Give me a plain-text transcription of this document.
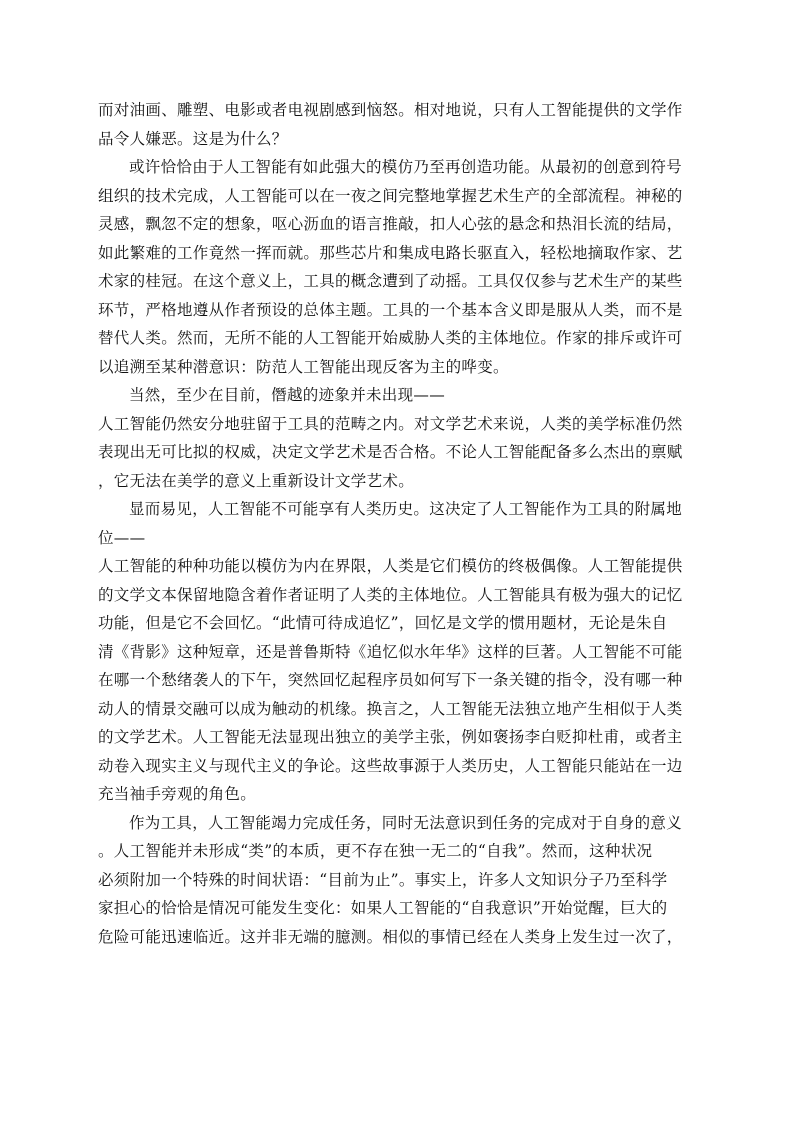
而对油画、雕塑、电影或者电视剧感到恼怒。相对地说，只有人工智能提供的文学作
品令人嫌恶。这是为什么？
或许恰恰由于人工智能有如此强大的模仿乃至再创造功能。从最初的创意到符号
组织的技术完成，人工智能可以在一夜之间完整地掌握艺术生产的全部流程。神秘的
灵感，飘忽不定的想象，呕心沥血的语言推敲，扣人心弦的悬念和热泪长流的结局，
如此繁难的工作竟然一挥而就。那些芯片和集成电路长驱直入，轻松地摘取作家、艺
术家的桂冠。在这个意义上，工具的概念遭到了动摇。工具仅仅参与艺术生产的某些
环节，严格地遵从作者预设的总体主题。工具的一个基本含义即是服从人类，而不是
替代人类。然而，无所不能的人工智能开始威胁人类的主体地位。作家的排斥或许可
以追溯至某种潜意识：防范人工智能出现反客为主的哗变。
当然，至少在目前，僭越的迹象并未出现——
人工智能仍然安分地驻留于工具的范畴之内。对文学艺术来说，人类的美学标准仍然
表现出无可比拟的权威，决定文学艺术是否合格。不论人工智能配备多么杰出的禀赋
，它无法在美学的意义上重新设计文学艺术。
显而易见，人工智能不可能享有人类历史。这决定了人工智能作为工具的附属地
位——
人工智能的种种功能以模仿为内在界限，人类是它们模仿的终极偶像。人工智能提供
的文学文本保留地隐含着作者证明了人类的主体地位。人工智能具有极为强大的记忆
功能，但是它不会回忆。“此情可待成追忆”，回忆是文学的惯用题材，无论是朱自
清《背影》这种短章，还是普鲁斯特《追忆似水年华》这样的巨著。人工智能不可能
在哪一个愁绪袭人的下午，突然回忆起程序员如何写下一条关键的指令，没有哪一种
动人的情景交融可以成为触动的机缘。换言之，人工智能无法独立地产生相似于人类
的文学艺术。人工智能无法显现出独立的美学主张，例如褒扬李白贬抑杜甫，或者主
动卷入现实主义与现代主义的争论。这些故事源于人类历史，人工智能只能站在一边
充当袖手旁观的角色。
作为工具，人工智能竭力完成任务，同时无法意识到任务的完成对于自身的意义
。人工智能并未形成“类”的本质，更不存在独一无二的“自我”。然而，这种状况
必须附加一个特殊的时间状语：“目前为止”。事实上，许多人文知识分子乃至科学
家担心的恰恰是情况可能发生变化：如果人工智能的“自我意识”开始觉醒，巨大的
危险可能迅速临近。这并非无端的臆测。相似的事情已经在人类身上发生过一次了，
